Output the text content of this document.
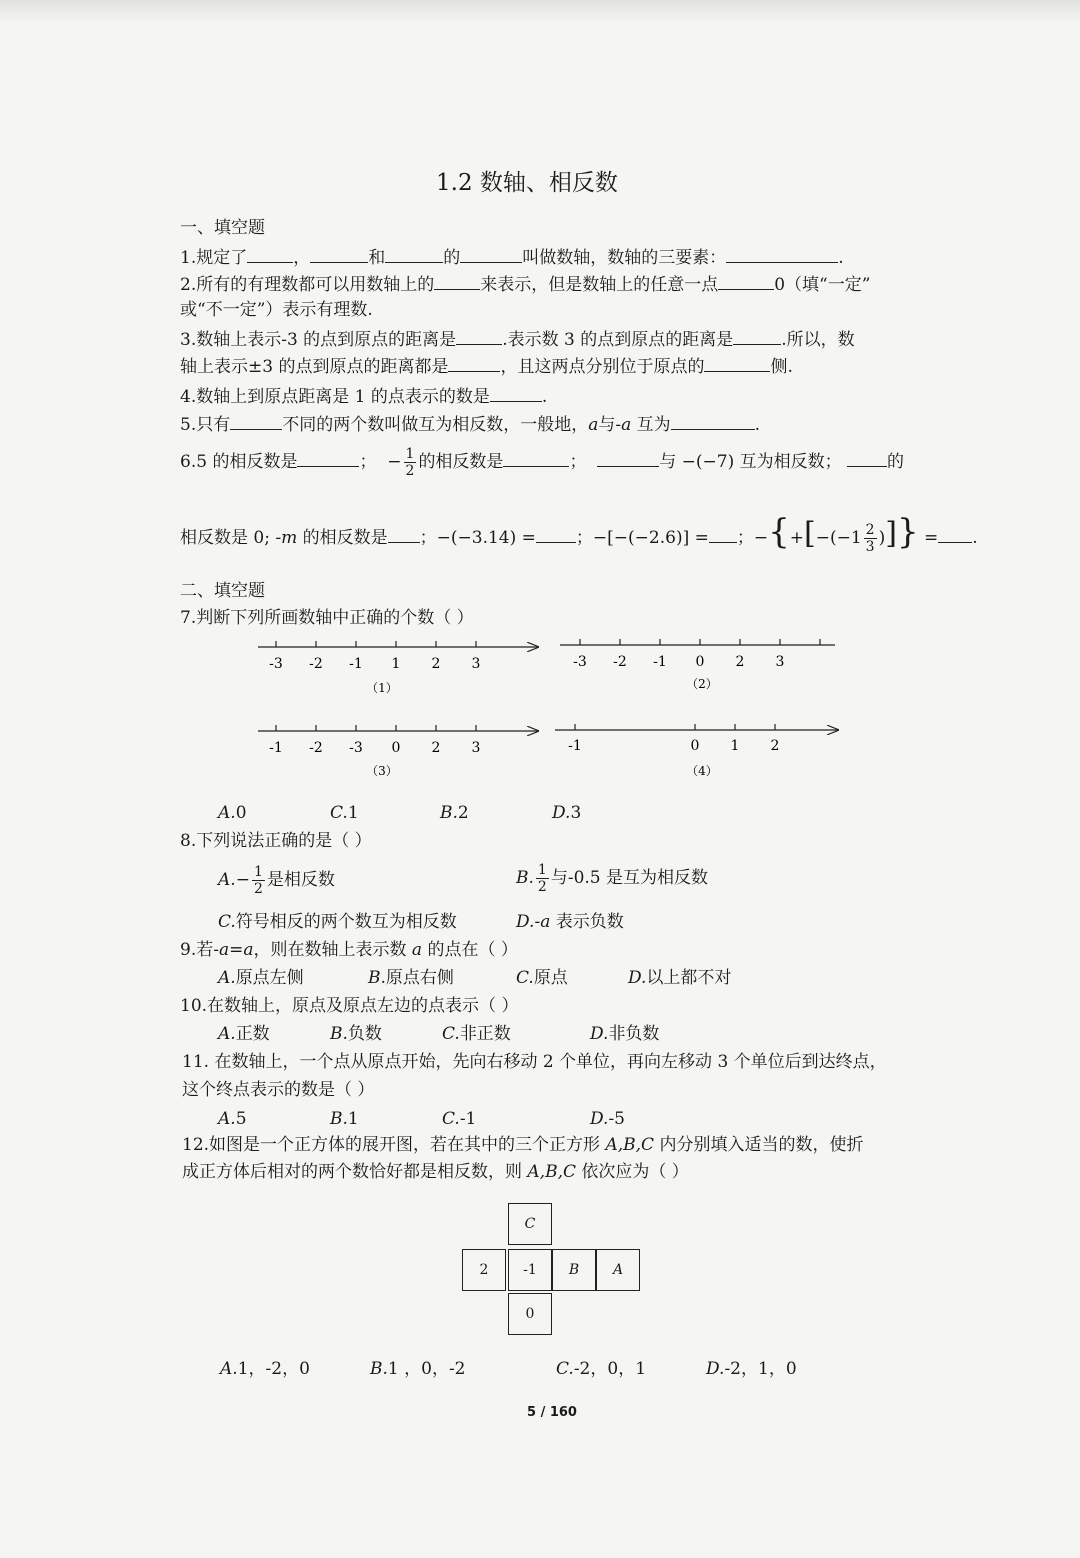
1.2 数轴、相反数
一、填空题
1.规定了	，	和	的	叫做数轴，数轴的三要素：	.
2.所有的有理数都可以用数轴上的	来表示，但是数轴上的任意一点	0（填“一定”
或“不一定”）表示有理数.
3.数轴上表示-3 的点到原点的距离是	.表示数 3 的点到原点的距离是	.所以，数
轴上表示±3 的点到原点的距离都是	，且这两点分别位于原点的	侧.
4.数轴上到原点距离是 1 的点表示的数是	.
5.只有	不同的两个数叫做互为相反数，一般地，a与-a 互为	.
6.5 的相反数是	； − $\frac{1}{2}$ 的相反数是	；	与 −(−7) 互为相反数；	的
相反数是 0; -m 的相反数是 ；−(−3.14) = ；−[−(−2.6)] = ；$-\{+[-(-1 \frac{2}{3}$ )]} = .
二、填空题
7.判断下列所画数轴中正确的个数（ ）
-3 -2 -1 1 2 3
（1）
-3 -2 -1 0 2 3
（2）
-1 -2 -3 0 2 3
（3）
-1	0 1 2
（4）
A.0	C.1	B.2	D.3
8.下列说法正确的是（ ）
$A.- \frac{1}{2}$ 是相反数	B. $\frac{1}{2}$ 与-0.5 是互为相反数
C.符号相反的两个数互为相反数	D.-a 表示负数
9.若-a=a，则在数轴上表示数 a 的点在（ ）
A.原点左侧	B.原点右侧	C.原点	D.以上都不对
10.在数轴上，原点及原点左边的点表示（ ）
A.正数	B.负数	C.非正数	D.非负数
11. 在数轴上，一个点从原点开始，先向右移动 2 个单位，再向左移动 3 个单位后到达终点，
这个终点表示的数是（ ）
A.5	B.1	C.-1	D.-5
12.如图是一个正方体的展开图，若在其中的三个正方形 A,B,C 内分别填入适当的数，使折
成正方体后相对的两个数恰好都是相反数，则 A,B,C 依次应为（ ）
C
2	-1	B	A
0
A.1，-2，0	B.1 ，0，-2	C.-2，0，1	D.-2，1，0
5 / 160
